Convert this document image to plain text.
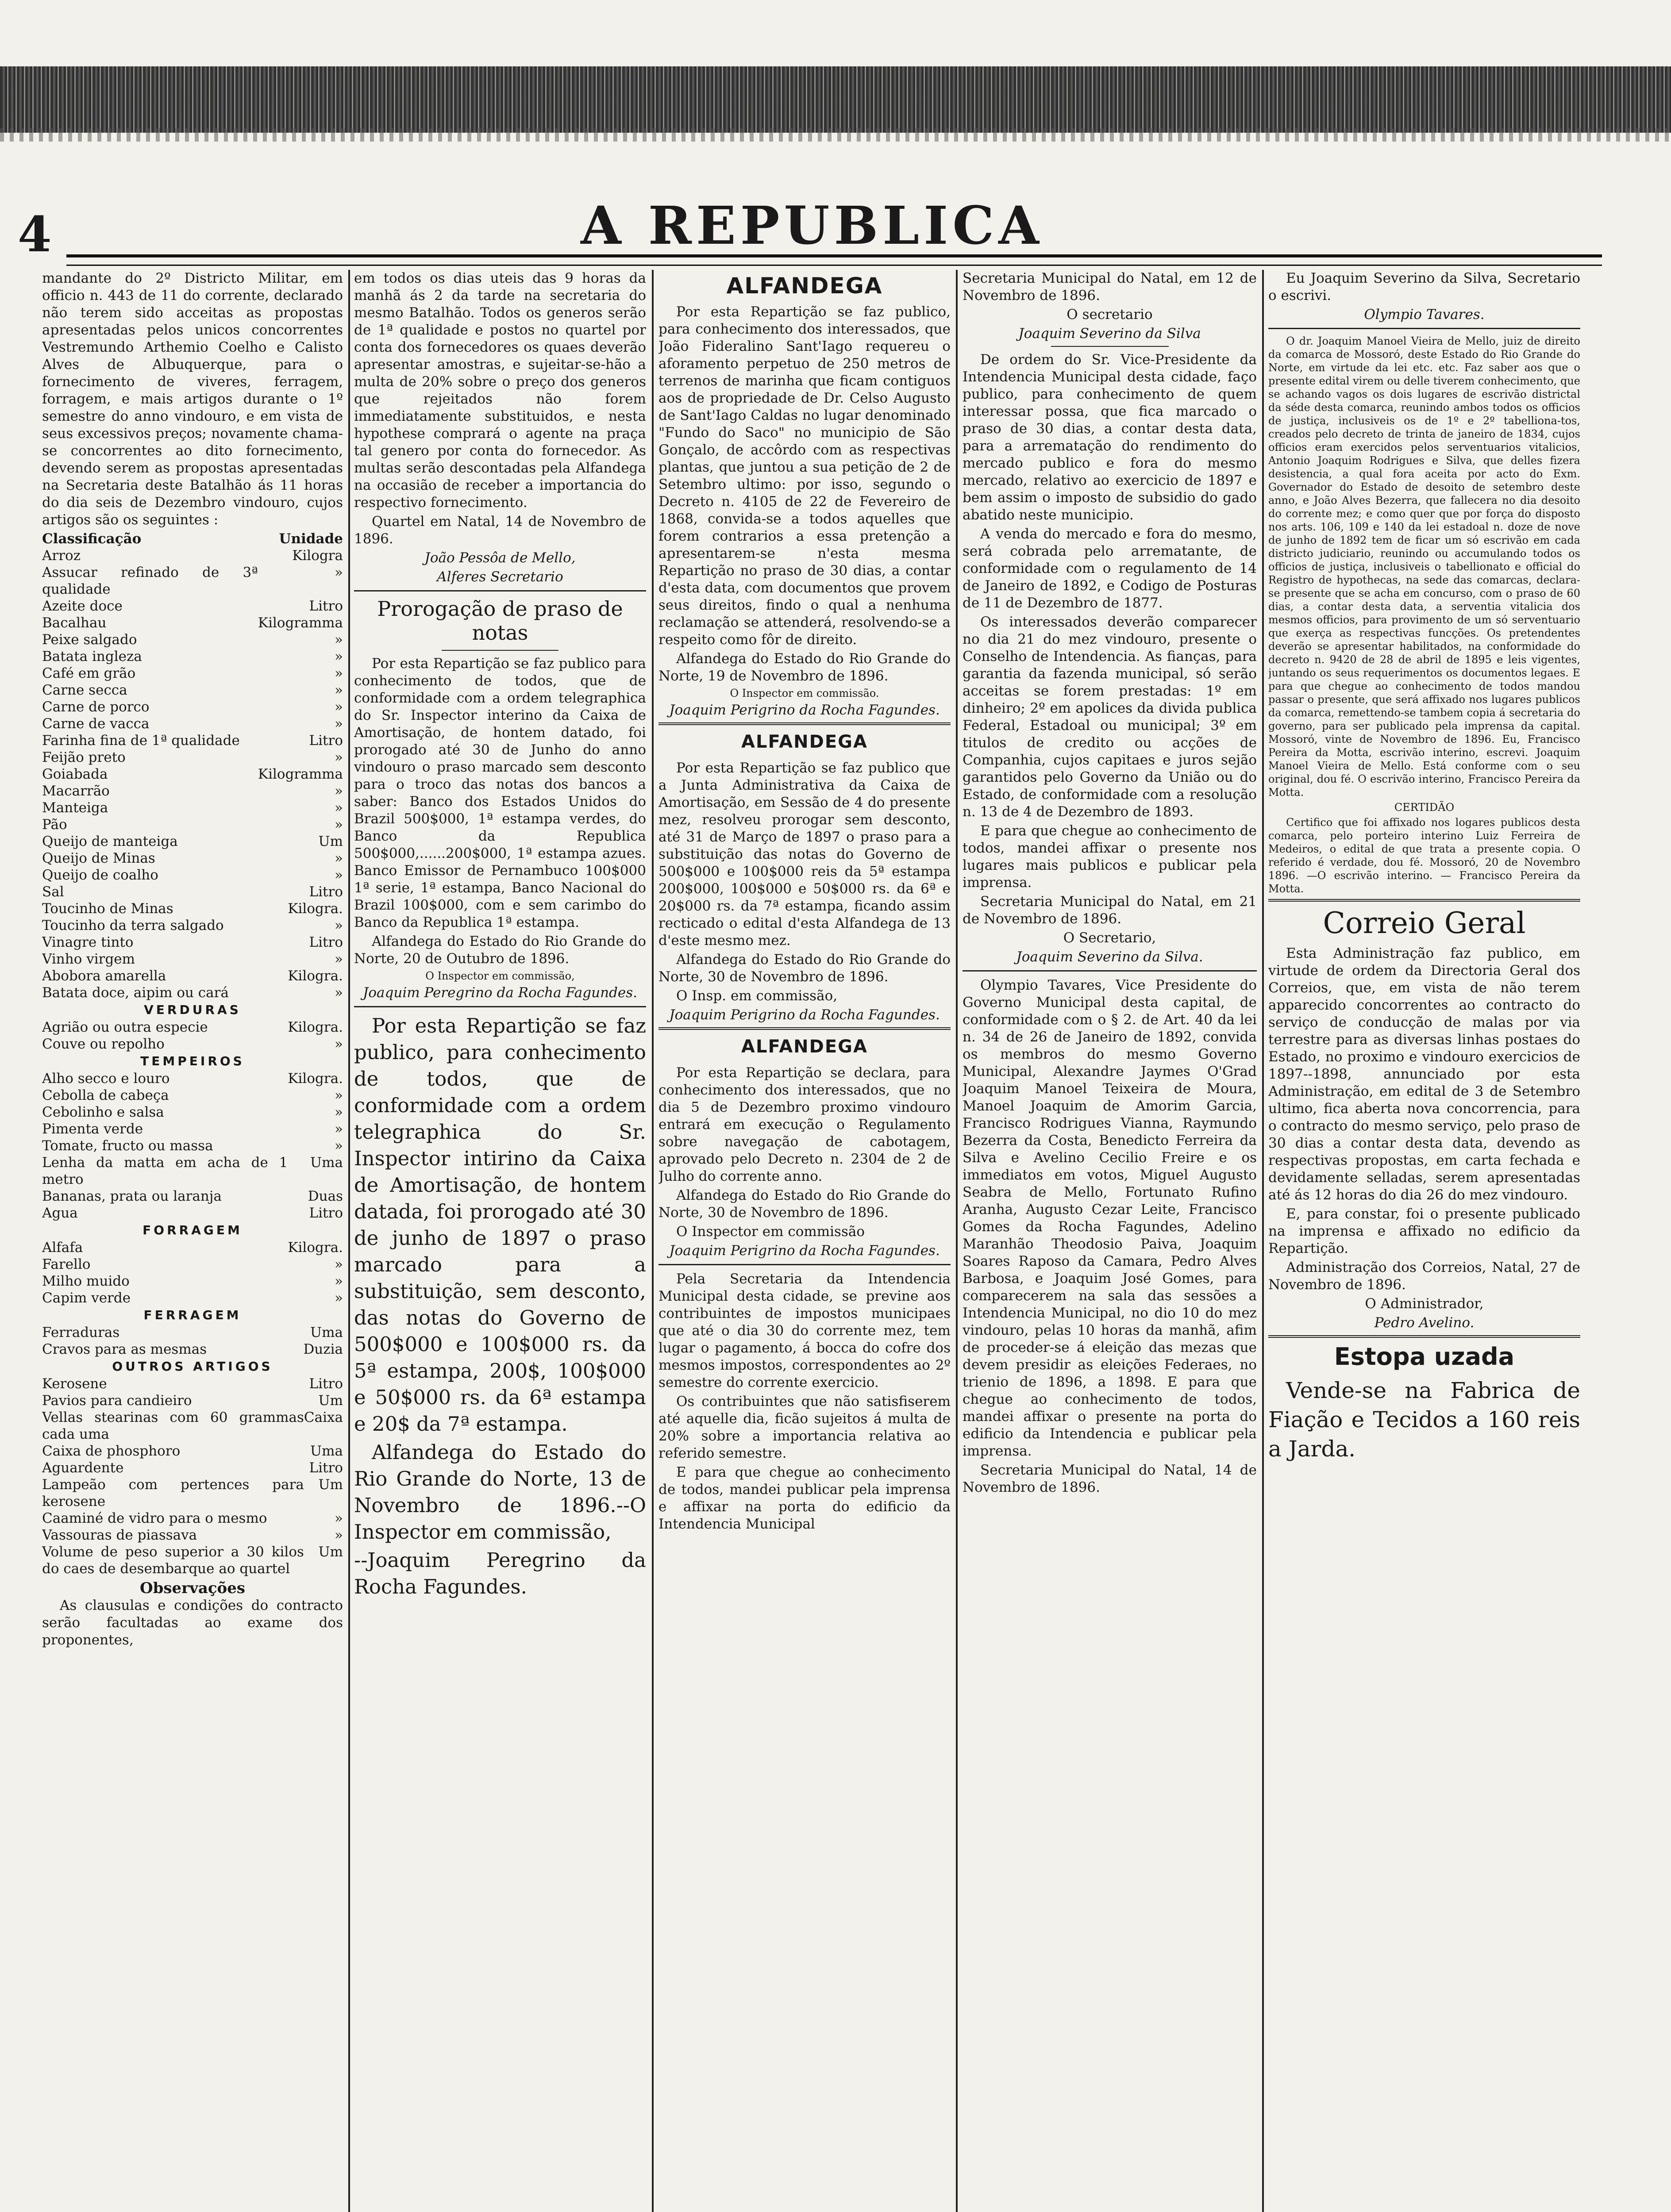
4	A REPUBLICA

mandante do 2º Districto Militar, em officio n. 443 de 11 do corrente, declarado não terem sido acceitas as propostas apresentadas pelos unicos concorrentes Vestremundo Arthemio Coelho e Calisto Alves de Albuquerque, para o fornecimento de viveres, ferragem, forragem, e mais artigos durante o 1º semestre do anno vindouro, e em vista de seus excessivos preços; novamente chama-se concorrentes ao dito fornecimento, devendo serem as propostas apresentadas na Secretaria deste Batalhão ás 11 horas do dia seis de Dezembro vindouro, cujos artigos são os seguintes :

Classificação	Unidade
Arroz	Kilogra
Assucar refinado de 3ª qualidade	»
Azeite doce	Litro
Bacalhau	Kilogramma
Peixe salgado	»
Batata ingleza	»
Café em grão	»
Carne secca	»
Carne de porco	»
Carne de vacca	»
Farinha fina de 1ª qualidade	Litro
Feijão preto	»
Goiabada	Kilogramma
Macarrão	»
Manteiga	»
Pão	»
Queijo de manteiga	Um
Queijo de Minas	»
Queijo de coalho	»
Sal	Litro
Toucinho de Minas	Kilogra.
Toucinho da terra salgado	»
Vinagre tinto	Litro
Vinho virgem	»
Abobora amarella	Kilogra.
Batata doce, aipim ou cará	»
VERDURAS
Agrião ou outra especie	Kilogra.
Couve ou repolho	»
TEMPEIROS
Alho secco e louro	Kilogra.
Cebolla de cabeça	»
Cebolinho e salsa	»
Pimenta verde	»
Tomate, fructo ou massa	»
Lenha da matta em acha de 1 metro	Uma
Bananas, prata ou laranja	Duas
Agua	Litro
FORRAGEM
Alfafa	Kilogra.
Farello	»
Milho muido	»
Capim verde	»
FERRAGEM
Ferraduras	Uma
Cravos para as mesmas	Duzia
OUTROS ARTIGOS
Kerosene	Litro
Pavios para candieiro	Um
Vellas stearinas com 60 grammas cada uma	Caixa
Caixa de phosphoro	Uma
Aguardente	Litro
Lampeão com pertences para kerosene	Um
Caaminé de vidro para o mesmo	»
Vassouras de piassava	»
Volume de peso superior a 30 kilos do caes de desembarque ao quartel	Um
Observações

As clausulas e condições do contracto serão facultadas ao exame dos proponentes,

em todos os dias uteis das 9 horas da manhã ás 2 da tarde na secretaria do mesmo Batalhão. Todos os generos serão de 1ª qualidade e postos no quartel por conta dos fornecedores os quaes deverão apresentar amostras, e sujeitar-se-hão a multa de 20% sobre o preço dos generos que rejeitados não forem immediatamente substituidos, e nesta hypothese comprará o agente na praça tal genero por conta do fornecedor. As multas serão descontadas pela Alfandega na occasião de receber a importancia do respectivo fornecimento.

Quartel em Natal, 14 de Novembro de 1896.

João Pessôa de Mello,

Alferes Secretario

Prorogação de praso de notas

Por esta Repartição se faz publico para conhecimento de todos, que de conformidade com a ordem telegraphica do Sr. Inspector interino da Caixa de Amortisação, de hontem datado, foi prorogado até 30 de Junho do anno vindouro o praso marcado sem desconto para o troco das notas dos bancos a saber: Banco dos Estados Unidos do Brazil 500$000, 1ª estampa verdes, do Banco da Republica 500$000,......200$000, 1ª estampa azues. Banco Emissor de Pernambuco 100$000 1ª serie, 1ª estampa, Banco Nacional do Brazil 100$000, com e sem carimbo do Banco da Republica 1ª estampa.

Alfandega do Estado do Rio Grande do Norte, 20 de Outubro de 1896.

O Inspector em commissão,

Joaquim Peregrino da Rocha Fagundes.

Por esta Repartição se faz publico, para conhecimento de todos, que de conformidade com a ordem telegraphica do Sr. Inspector intirino da Caixa de Amortisação, de hontem datada, foi prorogado até 30 de junho de 1897 o praso marcado para a substituição, sem desconto, das notas do Governo de 500$000 e 100$000 rs. da 5ª estampa, 200$, 100$000 e 50$000 rs. da 6ª estampa e 20$ da 7ª estampa.

Alfandega do Estado do Rio Grande do Norte, 13 de Novembro de 1896.--O Inspector em commissão,

--Joaquim Peregrino da Rocha Fagundes.

ALFANDEGA

Por esta Repartição se faz publico, para conhecimento dos interessados, que João Fideralino Sant'Iago requereu o aforamento perpetuo de 250 metros de terrenos de marinha que ficam contiguos aos de propriedade de Dr. Celso Augusto de Sant'Iago Caldas no lugar denominado "Fundo do Saco" no municipio de São Gonçalo, de accôrdo com as respectivas plantas, que juntou a sua petição de 2 de Setembro ultimo: por isso, segundo o Decreto n. 4105 de 22 de Fevereiro de 1868, convida-se a todos aquelles que forem contrarios a essa pretenção a apresentarem-se n'esta mesma Repartição no praso de 30 dias, a contar d'esta data, com documentos que provem seus direitos, findo o qual a nenhuma reclamação se attenderá, resolvendo-se a respeito como fôr de direito.

Alfandega do Estado do Rio Grande do Norte, 19 de Novembro de 1896.

O Inspector em commissão.

Joaquim Perigrino da Rocha Fagundes.

ALFANDEGA

Por esta Repartição se faz publico que a Junta Administrativa da Caixa de Amortisação, em Sessão de 4 do presente mez, resolveu prorogar sem desconto, até 31 de Março de 1897 o praso para a substituição das notas do Governo de 500$000 e 100$000 reis da 5ª estampa 200$000, 100$000 e 50$000 rs. da 6ª e 20$000 rs. da 7ª estampa, ficando assim recticado o edital d'esta Alfandega de 13 d'este mesmo mez.

Alfandega do Estado do Rio Grande do Norte, 30 de Novembro de 1896.

O Insp. em commissão,

Joaquim Perigrino da Rocha Fagundes.

ALFANDEGA

Por esta Repartição se declara, para conhecimento dos interessados, que no dia 5 de Dezembro proximo vindouro entrará em execução o Regulamento sobre navegação de cabotagem, aprovado pelo Decreto n. 2304 de 2 de Julho do corrente anno.

Alfandega do Estado do Rio Grande do Norte, 30 de Novembro de 1896.

O Inspector em commissão

Joaquim Perigrino da Rocha Fagundes.

Pela Secretaria da Intendencia Municipal desta cidade, se previne aos contribuintes de impostos municipaes que até o dia 30 do corrente mez, tem lugar o pagamento, á bocca do cofre dos mesmos impostos, correspondentes ao 2º semestre do corrente exercicio.

Os contribuintes que não satisfiserem até aquelle dia, ficão sujeitos á multa de 20% sobre a importancia relativa ao referido semestre.

E para que chegue ao conhecimento de todos, mandei publicar pela imprensa e affixar na porta do edificio da Intendencia Municipal

Secretaria Municipal do Natal, em 12 de Novembro de 1896.

O secretario

Joaquim Severino da Silva

De ordem do Sr. Vice-Presidente da Intendencia Municipal desta cidade, faço publico, para conhecimento de quem interessar possa, que fica marcado o praso de 30 dias, a contar desta data, para a arrematação do rendimento do mercado publico e fora do mesmo mercado, relativo ao exercicio de 1897 e bem assim o imposto de subsidio do gado abatido neste municipio.

A venda do mercado e fora do mesmo, será cobrada pelo arrematante, de conformidade com o regulamento de 14 de Janeiro de 1892, e Codigo de Posturas de 11 de Dezembro de 1877.

Os interessados deverão comparecer no dia 21 do mez vindouro, presente o Conselho de Intendencia. As fianças, para garantia da fazenda municipal, só serão acceitas se forem prestadas: 1º em dinheiro; 2º em apolices da divida publica Federal, Estadoal ou municipal; 3º em titulos de credito ou acções de Companhia, cujos capitaes e juros sejão garantidos pelo Governo da União ou do Estado, de conformidade com a resolução n. 13 de 4 de Dezembro de 1893.

E para que chegue ao conhecimento de todos, mandei affixar o presente nos lugares mais publicos e publicar pela imprensa.

Secretaria Municipal do Natal, em 21 de Novembro de 1896.

O Secretario,

Joaquim Severino da Silva.

Olympio Tavares, Vice Presidente do Governo Municipal desta capital, de conformidade com o § 2. de Art. 40 da lei n. 34 de 26 de Janeiro de 1892, convida os membros do mesmo Governo Municipal, Alexandre Jaymes O'Grad Joaquim Manoel Teixeira de Moura, Manoel Joaquim de Amorim Garcia, Francisco Rodrigues Vianna, Raymundo Bezerra da Costa, Benedicto Ferreira da Silva e Avelino Cecilio Freire e os immediatos em votos, Miguel Augusto Seabra de Mello, Fortunato Rufino Aranha, Augusto Cezar Leite, Francisco Gomes da Rocha Fagundes, Adelino Maranhão Theodosio Paiva, Joaquim Soares Raposo da Camara, Pedro Alves Barbosa, e Joaquim José Gomes, para comparecerem na sala das sessões a Intendencia Municipal, no dio 10 do mez vindouro, pelas 10 horas da manhã, afim de proceder-se á eleição das mezas que devem presidir as eleições Federaes, no trienio de 1896, a 1898. E para que chegue ao conhecimento de todos, mandei affixar o presente na porta do edificio da Intendencia e publicar pela imprensa.

Secretaria Municipal do Natal, 14 de Novembro de 1896.

Eu Joaquim Severino da Silva, Secretario o escrivi.

Olympio Tavares.

O dr. Joaquim Manoel Vieira de Mello, juiz de direito da comarca de Mossoró, deste Estado do Rio Grande do Norte, em virtude da lei etc. etc. Faz saber aos que o presente edital virem ou delle tiverem conhecimento, que se achando vagos os dois lugares de escrivão districtal da séde desta comarca, reunindo ambos todos os officios de justiça, inclusiveis os de 1º e 2º tabelliona-tos, creados pelo decreto de trinta de janeiro de 1834, cujos officios eram exercidos pelos serventuarios vitalicios, Antonio Joaquim Rodrigues e Silva, que delles fizera desistencia, a qual fora aceita por acto do Exm. Governador do Estado de desoito de setembro deste anno, e João Alves Bezerra, que fallecera no dia desoito do corrente mez; e como quer que por força do disposto nos arts. 106, 109 e 140 da lei estadoal n. doze de nove de junho de 1892 tem de ficar um só escrivão em cada districto judiciario, reunindo ou accumulando todos os officios de justiça, inclusiveis o tabellionato e official do Registro de hypothecas, na sede das comarcas, declara-se presente que se acha em concurso, com o praso de 60 dias, a contar desta data, a serventia vitalicia dos mesmos officios, para provimento de um só serventuario que exerça as respectivas funcções. Os pretendentes deverão se apresentar habilitados, na conformidade do decreto n. 9420 de 28 de abril de 1895 e leis vigentes, juntando os seus requerimentos os documentos legaes. E para que chegue ao conhecimento de todos mandou passar o presente, que será affixado nos lugares publicos da comarca, remettendo-se tambem copia á secretaria do governo, para ser publicado pela imprensa da capital. Mossoró, vinte de Novembro de 1896. Eu, Francisco Pereira da Motta, escrivão interino, escrevi. Joaquim Manoel Vieira de Mello. Está conforme com o seu original, dou fé. O escrivão interino, Francisco Pereira da Motta.

CERTIDÃO

Certifico que foi affixado nos logares publicos desta comarca, pelo porteiro interino Luiz Ferreira de Medeiros, o edital de que trata a presente copia. O referido é verdade, dou fé. Mossoró, 20 de Novembro 1896. —O escrivão interino. — Francisco Pereira da Motta.

Correio Geral

Esta Administração faz publico, em virtude de ordem da Directoria Geral dos Correios, que, em vista de não terem apparecido concorrentes ao contracto do serviço de conducção de malas por via terrestre para as diversas linhas postaes do Estado, no proximo e vindouro exercicios de 1897--1898, annunciado por esta Administração, em edital de 3 de Setembro ultimo, fica aberta nova concorrencia, para o contracto do mesmo serviço, pelo praso de 30 dias a contar desta data, devendo as respectivas propostas, em carta fechada e devidamente selladas, serem apresentadas até ás 12 horas do dia 26 do mez vindouro.

E, para constar, foi o presente publicado na imprensa e affixado no edificio da Repartição.

Administração dos Correios, Natal, 27 de Novembro de 1896.

O Administrador,

Pedro Avelino.

Estopa uzada

Vende-se na Fabrica de Fiação e Tecidos a 160 reis a Jarda.
